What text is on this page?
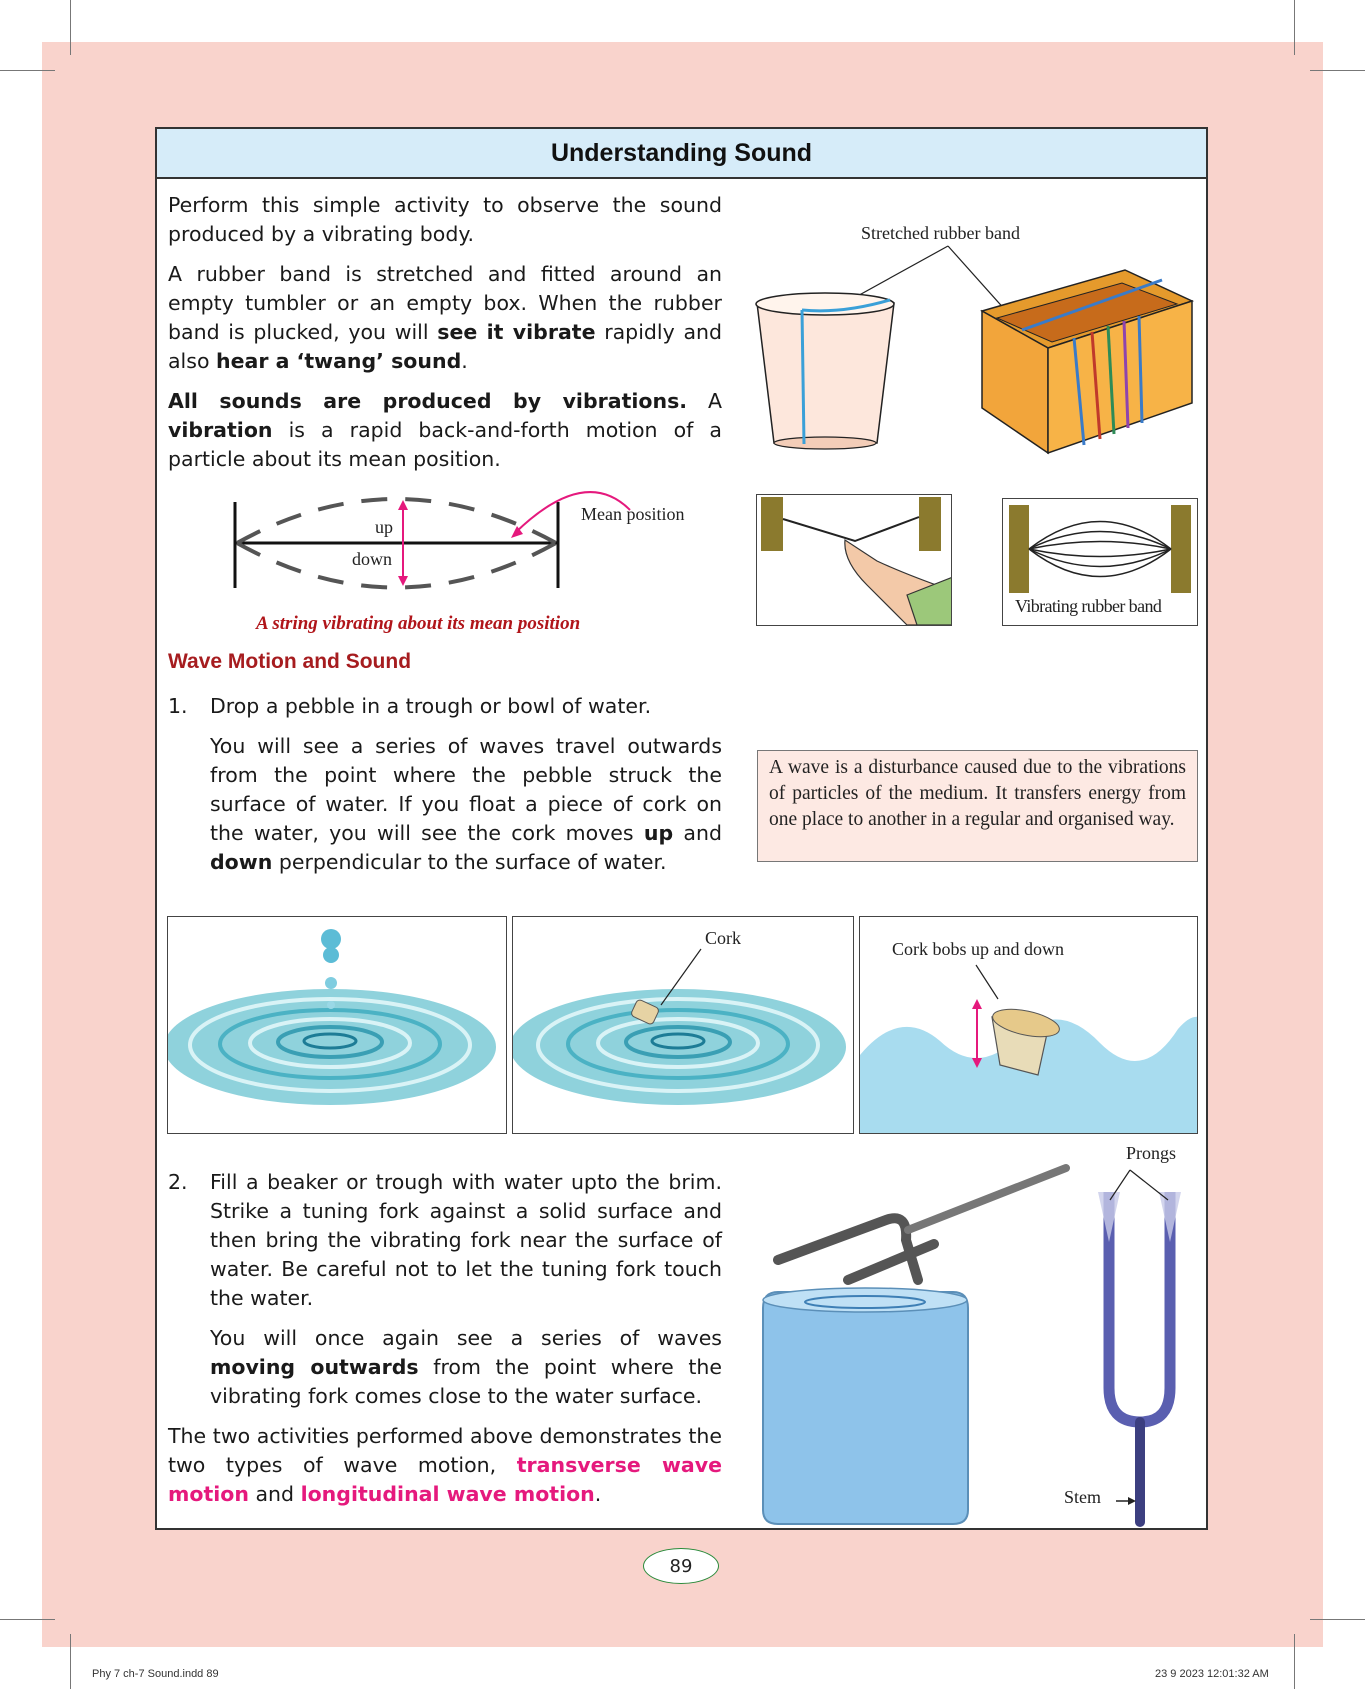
Understanding Sound

Perform this simple activity to observe the sound produced by a vibrating body.

A rubber band is stretched and fitted around an empty tumbler or an empty box. When the rubber band is plucked, you will see it vibrate rapidly and also hear a ‘twang’ sound.

All sounds are produced by vibrations. A vibration is a rapid back-and-forth motion of a particle about its mean position.

up
down
Mean position
A string vibrating about its mean position
Stretched rubber band
Vibrating rubber band
Wave Motion and Sound
1. Drop a pebble in a trough or bowl of water.

You will see a series of waves travel outwards from the point where the pebble struck the surface of water. If you float a piece of cork on the water, you will see the cork moves up and down perpendicular to the surface of water.

A wave is a disturbance caused due to the vibrations of particles of the medium. It transfers energy from one place to another in a regular and organised way.
Cork
Cork bobs up and down
2. Fill a beaker or trough with water upto the brim. Strike a tuning fork against a solid surface and then bring the vibrating fork near the surface of water. Be careful not to let the tuning fork touch the water.

You will once again see a series of waves moving outwards from the point where the vibrating fork comes close to the water surface.

The two activities performed above demonstrates the two types of wave motion, transverse wave motion and longitudinal wave motion.

Prongs
Stem
89
Phy 7 ch-7 Sound.indd 89	23 9 2023 12:01:32 AM
